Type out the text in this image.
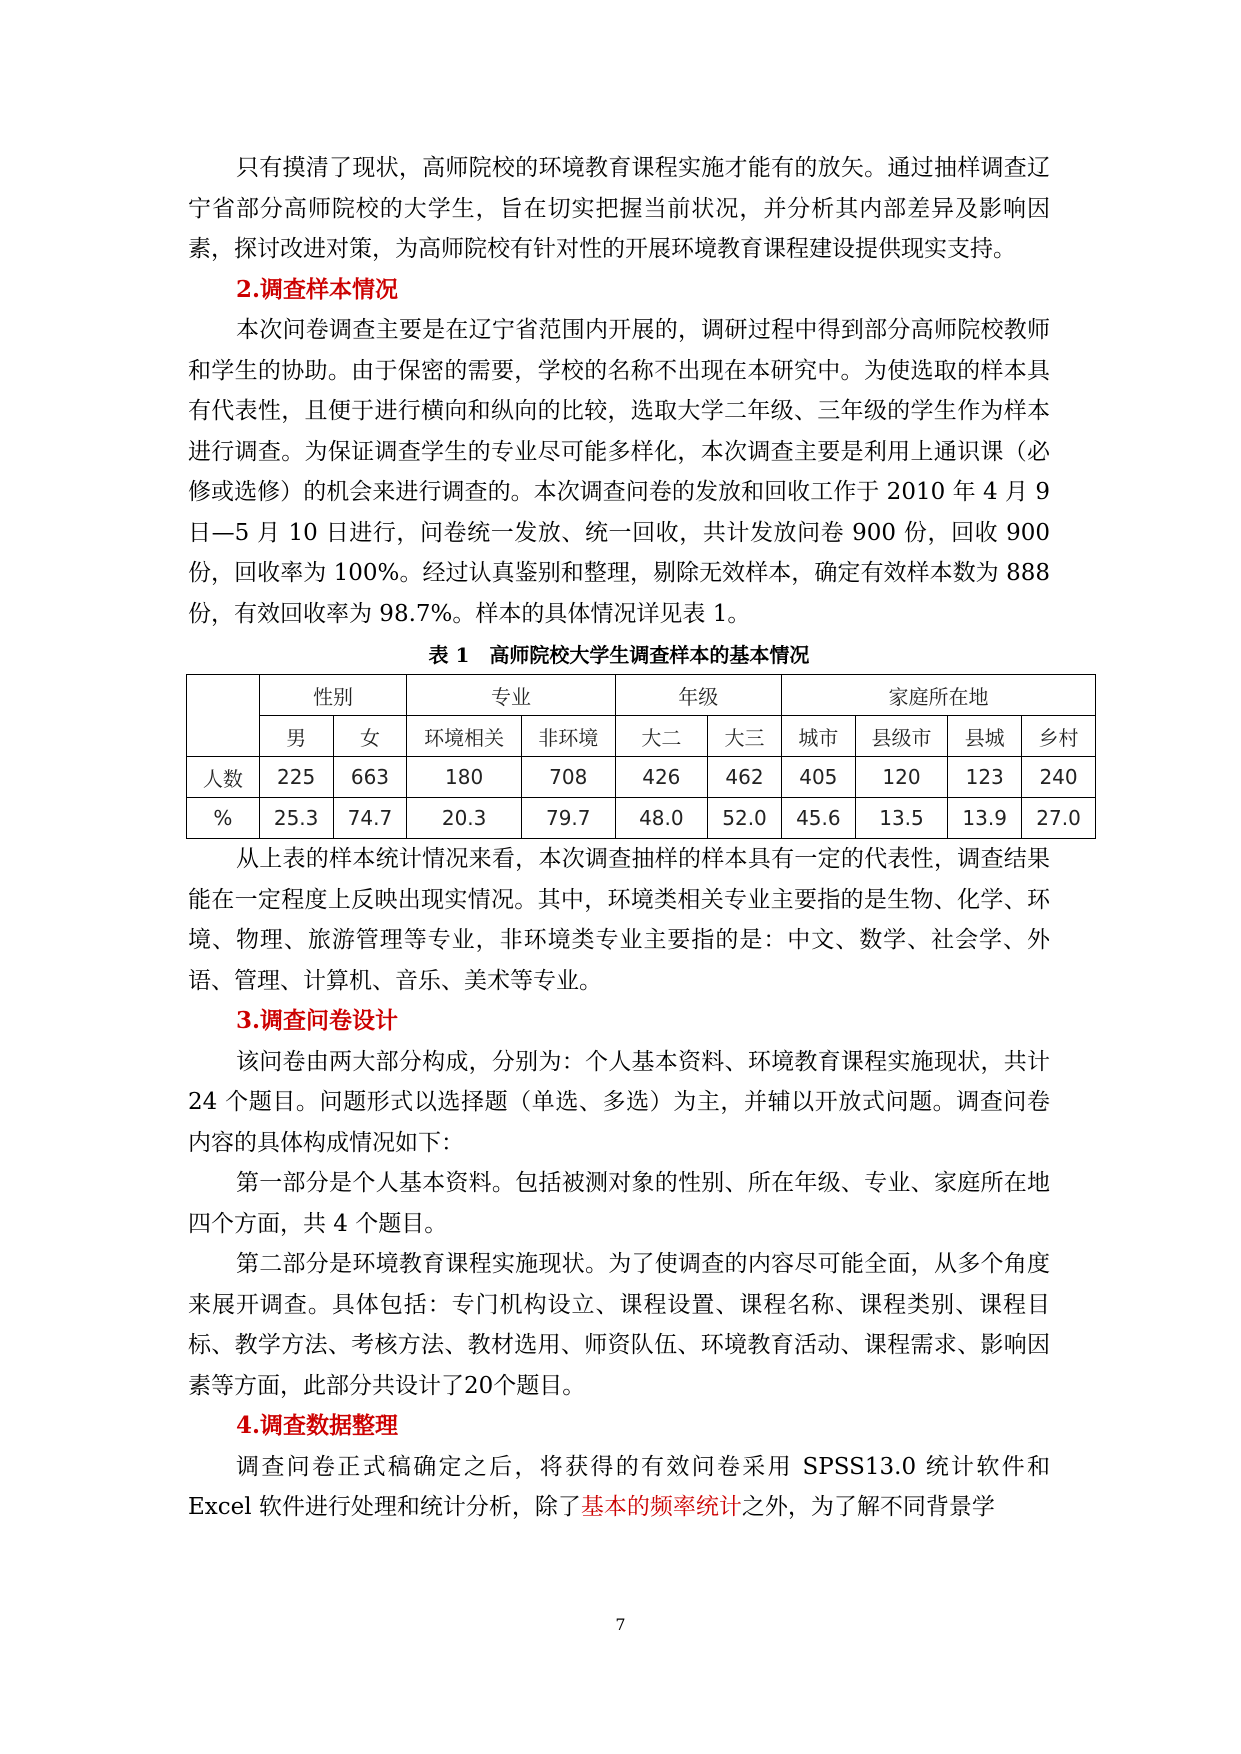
只有摸清了现状，高师院校的环境教育课程实施才能有的放矢。通过抽样调查辽宁省部分高师院校的大学生，旨在切实把握当前状况，并分析其内部差异及影响因素，探讨改进对策，为高师院校有针对性的开展环境教育课程建设提供现实支持。

2.调查样本情况

本次问卷调查主要是在辽宁省范围内开展的，调研过程中得到部分高师院校教师和学生的协助。由于保密的需要，学校的名称不出现在本研究中。为使选取的样本具有代表性，且便于进行横向和纵向的比较，选取大学二年级、三年级的学生作为样本进行调查。为保证调查学生的专业尽可能多样化，本次调查主要是利用上通识课（必修或选修）的机会来进行调查的。本次调查问卷的发放和回收工作于 2010 年 4 月 9 日—5 月 10 日进行，问卷统一发放、统一回收，共计发放问卷 900 份，回收 900 份，回收率为 100%。经过认真鉴别和整理，剔除无效样本，确定有效样本数为 888 份，有效回收率为 98.7%。样本的具体情况详见表 1。

表 1　高师院校大学生调查样本的基本情况
	性别		专业		年级		家庭所在地			
	男	女	环境相关	非环境	大二	大三	城市	县级市	县城	乡村
人数	225	663	180	708	426	462	405	120	123	240
%	25.3	74.7	20.3	79.7	48.0	52.0	45.6	13.5	13.9	27.0

从上表的样本统计情况来看，本次调查抽样的样本具有一定的代表性，调查结果能在一定程度上反映出现实情况。其中，环境类相关专业主要指的是生物、化学、环境、物理、旅游管理等专业，非环境类专业主要指的是：中文、数学、社会学、外语、管理、计算机、音乐、美术等专业。

3.调查问卷设计

该问卷由两大部分构成，分别为：个人基本资料、环境教育课程实施现状，共计 24 个题目。问题形式以选择题（单选、多选）为主，并辅以开放式问题。调查问卷内容的具体构成情况如下：

第一部分是个人基本资料。包括被测对象的性别、所在年级、专业、家庭所在地四个方面，共 4 个题目。

第二部分是环境教育课程实施现状。为了使调查的内容尽可能全面，从多个角度来展开调查。具体包括：专门机构设立、课程设置、课程名称、课程类别、课程目标、教学方法、考核方法、教材选用、师资队伍、环境教育活动、课程需求、影响因素等方面，此部分共设计了20个题目。

4.调查数据整理

调查问卷正式稿确定之后，将获得的有效问卷采用 SPSS13.0 统计软件和 Excel 软件进行处理和统计分析，除了基本的频率统计之外，为了解不同背景学

7
